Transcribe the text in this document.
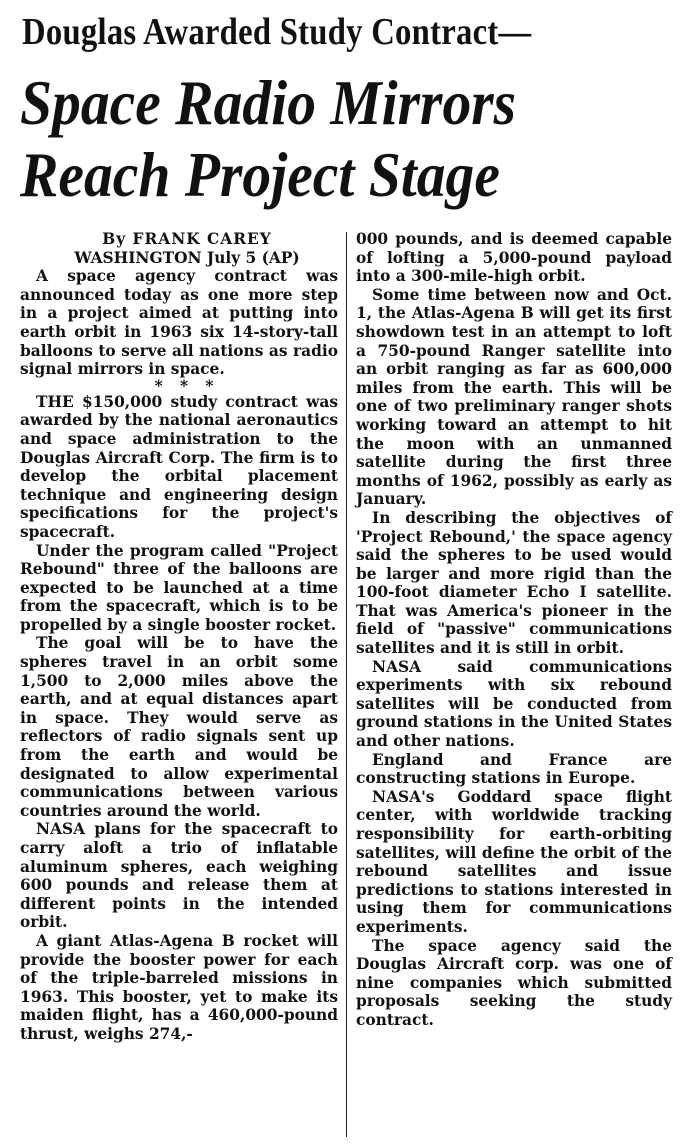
Douglas Awarded Study Contract—
Space Radio Mirrors
Reach Project Stage

By FRANK CAREY

WASHINGTON July 5 (AP)

A space agency contract was announced today as one more step in a project aimed at putting into earth orbit in 1963 six 14-story-tall balloons to serve all nations as radio signal mirrors in space.

* * *

THE $150,000 study contract was awarded by the national aeronautics and space administration to the Douglas Aircraft Corp. The firm is to develop the orbital placement technique and engineering design specifications for the project's spacecraft.

Under the program called "Project Rebound" three of the balloons are expected to be launched at a time from the spacecraft, which is to be propelled by a single booster rocket.

The goal will be to have the spheres travel in an orbit some 1,500 to 2,000 miles above the earth, and at equal distances apart in space. They would serve as reflectors of radio signals sent up from the earth and would be designated to allow experimental communications between various countries around the world.

NASA plans for the spacecraft to carry aloft a trio of inflatable aluminum spheres, each weighing 600 pounds and release them at different points in the intended orbit.

A giant Atlas-Agena B rocket will provide the booster power for each of the triple-barreled missions in 1963. This booster, yet to make its maiden flight, has a 460,000-pound thrust, weighs 274,-

000 pounds, and is deemed capable of lofting a 5,000-pound payload into a 300-mile-high orbit.

Some time between now and Oct. 1, the Atlas-Agena B will get its first showdown test in an attempt to loft a 750-pound Ranger satellite into an orbit ranging as far as 600,000 miles from the earth. This will be one of two preliminary ranger shots working toward an attempt to hit the moon with an unmanned satellite during the first three months of 1962, possibly as early as January.

In describing the objectives of 'Project Rebound,' the space agency said the spheres to be used would be larger and more rigid than the 100-foot diameter Echo I satellite. That was America's pioneer in the field of "passive" communications satellites and it is still in orbit.

NASA said communications experiments with six rebound satellites will be conducted from ground stations in the United States and other nations.

England and France are constructing stations in Europe.

NASA's Goddard space flight center, with worldwide tracking responsibility for earth-orbiting satellites, will define the orbit of the rebound satellites and issue predictions to stations interested in using them for communications experiments.

The space agency said the Douglas Aircraft corp. was one of nine companies which submitted proposals seeking the study contract.
